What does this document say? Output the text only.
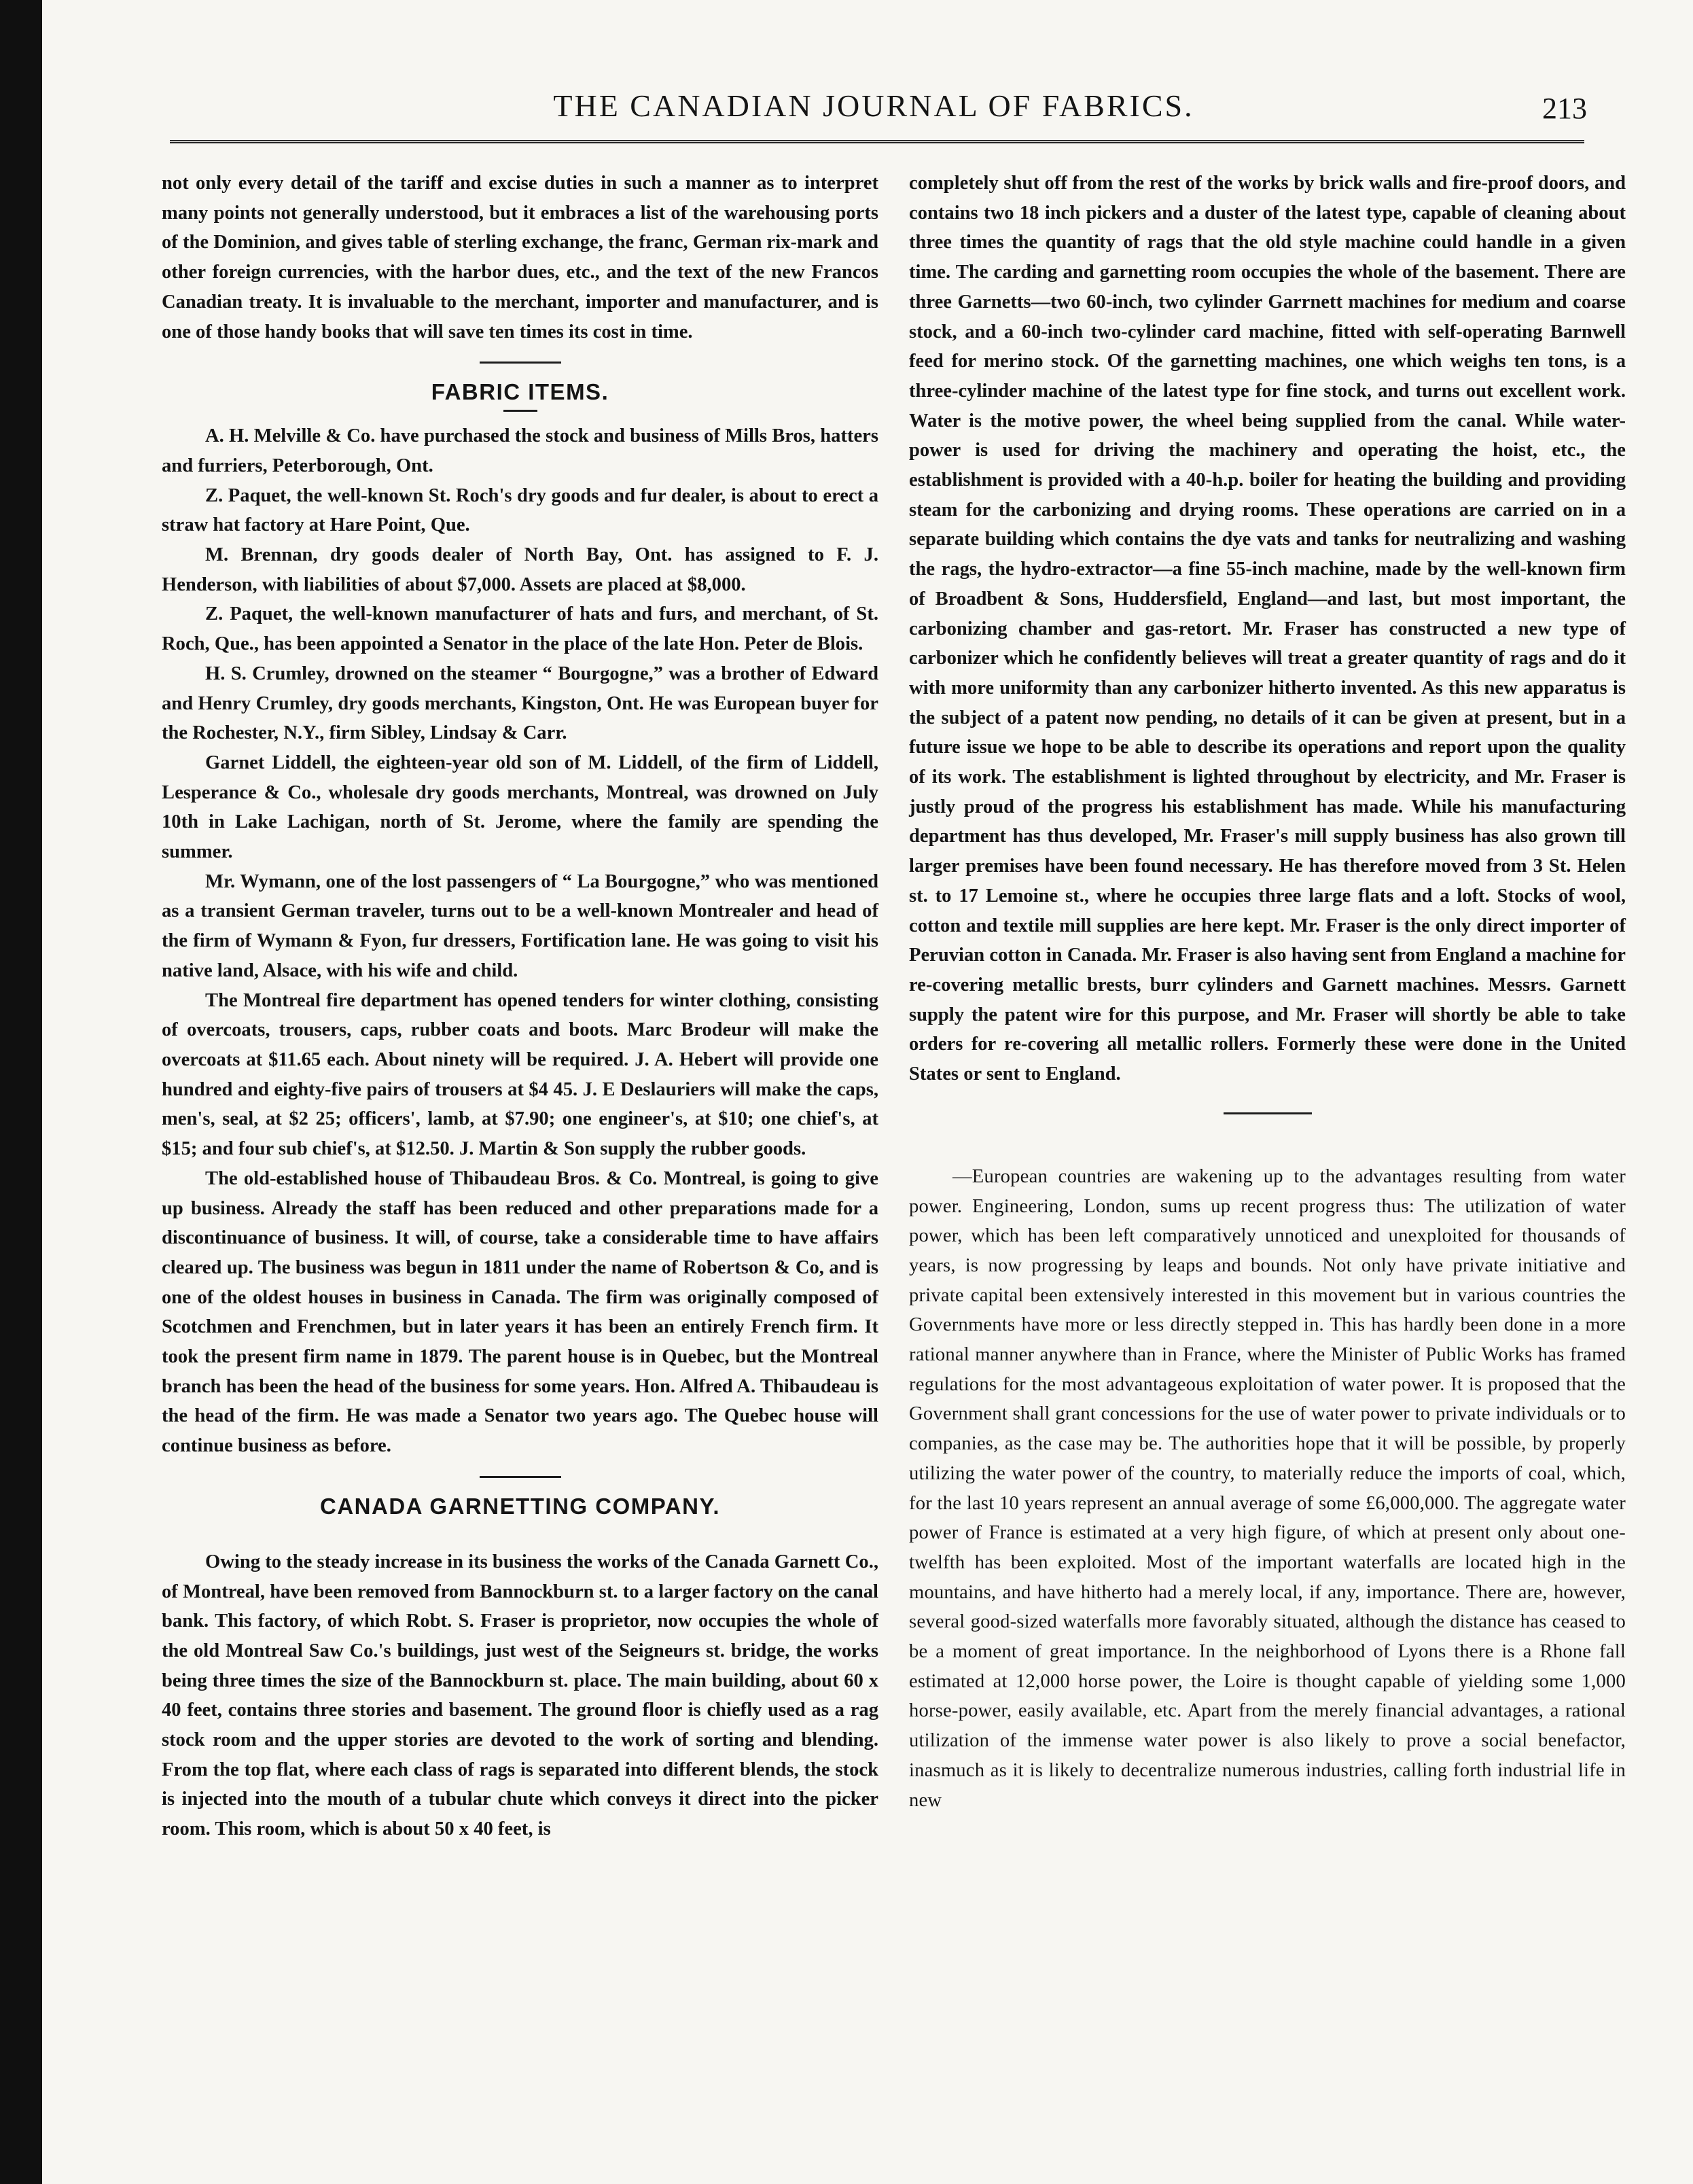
THE CANADIAN JOURNAL OF FABRICS.	213

not only every detail of the tariff and excise duties in such a manner as to interpret many points not generally understood, but it embraces a list of the warehousing ports of the Dominion, and gives table of sterling exchange, the franc, German rix-mark and other foreign currencies, with the harbor dues, etc., and the text of the new Francos Canadian treaty. It is invaluable to the merchant, importer and manufacturer, and is one of those handy books that will save ten times its cost in time.

FABRIC ITEMS.

A. H. Melville & Co. have purchased the stock and business of Mills Bros, hatters and furriers, Peterborough, Ont.

Z. Paquet, the well-known St. Roch's dry goods and fur dealer, is about to erect a straw hat factory at Hare Point, Que.

M. Brennan, dry goods dealer of North Bay, Ont. has assigned to F. J. Henderson, with liabilities of about $7,000. Assets are placed at $8,000.

Z. Paquet, the well-known manufacturer of hats and furs, and merchant, of St. Roch, Que., has been appointed a Senator in the place of the late Hon. Peter de Blois.

H. S. Crumley, drowned on the steamer “ Bourgogne,” was a brother of Edward and Henry Crumley, dry goods merchants, Kingston, Ont. He was European buyer for the Rochester, N.Y., firm Sibley, Lindsay & Carr.

Garnet Liddell, the eighteen-year old son of M. Liddell, of the firm of Liddell, Lesperance & Co., wholesale dry goods merchants, Montreal, was drowned on July 10th in Lake Lachigan, north of St. Jerome, where the family are spending the summer.

Mr. Wymann, one of the lost passengers of “ La Bourgogne,” who was mentioned as a transient German traveler, turns out to be a well-known Montrealer and head of the firm of Wymann & Fyon, fur dressers, Fortification lane. He was going to visit his native land, Alsace, with his wife and child.

The Montreal fire department has opened tenders for winter clothing, consisting of overcoats, trousers, caps, rubber coats and boots. Marc Brodeur will make the overcoats at $11.65 each. About ninety will be required. J. A. Hebert will provide one hundred and eighty-five pairs of trousers at $4 45. J. E Deslauriers will make the caps, men's, seal, at $2 25; officers', lamb, at $7.90; one engineer's, at $10; one chief's, at $15; and four sub chief's, at $12.50. J. Martin & Son supply the rubber goods.

The old-established house of Thibaudeau Bros. & Co. Montreal, is going to give up business. Already the staff has been reduced and other preparations made for a discontinuance of business. It will, of course, take a considerable time to have affairs cleared up. The business was begun in 1811 under the name of Robertson & Co, and is one of the oldest houses in business in Canada. The firm was originally composed of Scotchmen and Frenchmen, but in later years it has been an entirely French firm. It took the present firm name in 1879. The parent house is in Quebec, but the Montreal branch has been the head of the business for some years. Hon. Alfred A. Thibaudeau is the head of the firm. He was made a Senator two years ago. The Quebec house will continue business as before.

CANADA GARNETTING COMPANY.

Owing to the steady increase in its business the works of the Canada Garnett Co., of Montreal, have been removed from Bannockburn st. to a larger factory on the canal bank. This factory, of which Robt. S. Fraser is proprietor, now occupies the whole of the old Montreal Saw Co.'s buildings, just west of the Seigneurs st. bridge, the works being three times the size of the Bannockburn st. place. The main building, about 60 x 40 feet, contains three stories and basement. The ground floor is chiefly used as a rag stock room and the upper stories are devoted to the work of sorting and blending. From the top flat, where each class of rags is separated into different blends, the stock is injected into the mouth of a tubular chute which conveys it direct into the picker room. This room, which is about 50 x 40 feet, is

completely shut off from the rest of the works by brick walls and fire-proof doors, and contains two 18 inch pickers and a duster of the latest type, capable of cleaning about three times the quantity of rags that the old style machine could handle in a given time. The carding and garnetting room occupies the whole of the basement. There are three Garnetts—two 60-inch, two cylinder Garrnett machines for medium and coarse stock, and a 60-inch two-cylinder card machine, fitted with self-operating Barnwell feed for merino stock. Of the garnetting machines, one which weighs ten tons, is a three-cylinder machine of the latest type for fine stock, and turns out excellent work. Water is the motive power, the wheel being supplied from the canal. While water-power is used for driving the machinery and operating the hoist, etc., the establishment is provided with a 40-h.p. boiler for heating the building and providing steam for the carbonizing and drying rooms. These operations are carried on in a separate building which contains the dye vats and tanks for neutralizing and washing the rags, the hydro-extractor—a fine 55-inch machine, made by the well-known firm of Broadbent & Sons, Huddersfield, England—and last, but most important, the carbonizing chamber and gas-retort. Mr. Fraser has constructed a new type of carbonizer which he confidently believes will treat a greater quantity of rags and do it with more uniformity than any carbonizer hitherto invented. As this new apparatus is the subject of a patent now pending, no details of it can be given at present, but in a future issue we hope to be able to describe its operations and report upon the quality of its work. The establishment is lighted throughout by electricity, and Mr. Fraser is justly proud of the progress his establishment has made. While his manufacturing department has thus developed, Mr. Fraser's mill supply business has also grown till larger premises have been found necessary. He has therefore moved from 3 St. Helen st. to 17 Lemoine st., where he occupies three large flats and a loft. Stocks of wool, cotton and textile mill supplies are here kept. Mr. Fraser is the only direct importer of Peruvian cotton in Canada. Mr. Fraser is also having sent from England a machine for re-covering metallic brests, burr cylinders and Garnett machines. Messrs. Garnett supply the patent wire for this purpose, and Mr. Fraser will shortly be able to take orders for re-covering all metallic rollers. Formerly these were done in the United States or sent to England.

—European countries are wakening up to the advantages resulting from water power. Engineering, London, sums up recent progress thus: The utilization of water power, which has been left comparatively unnoticed and unexploited for thousands of years, is now progressing by leaps and bounds. Not only have private initiative and private capital been extensively interested in this movement but in various countries the Governments have more or less directly stepped in. This has hardly been done in a more rational manner anywhere than in France, where the Minister of Public Works has framed regulations for the most advantageous exploitation of water power. It is proposed that the Government shall grant concessions for the use of water power to private individuals or to companies, as the case may be. The authorities hope that it will be possible, by properly utilizing the water power of the country, to materially reduce the imports of coal, which, for the last 10 years represent an annual average of some £6,000,000. The aggregate water power of France is estimated at a very high figure, of which at present only about one-twelfth has been exploited. Most of the important waterfalls are located high in the mountains, and have hitherto had a merely local, if any, importance. There are, however, several good-sized waterfalls more favorably situated, although the distance has ceased to be a moment of great importance. In the neighborhood of Lyons there is a Rhone fall estimated at 12,000 horse power, the Loire is thought capable of yielding some 1,000 horse-power, easily available, etc. Apart from the merely financial advantages, a rational utilization of the immense water power is also likely to prove a social benefactor, inasmuch as it is likely to decentralize numerous industries, calling forth industrial life in new
